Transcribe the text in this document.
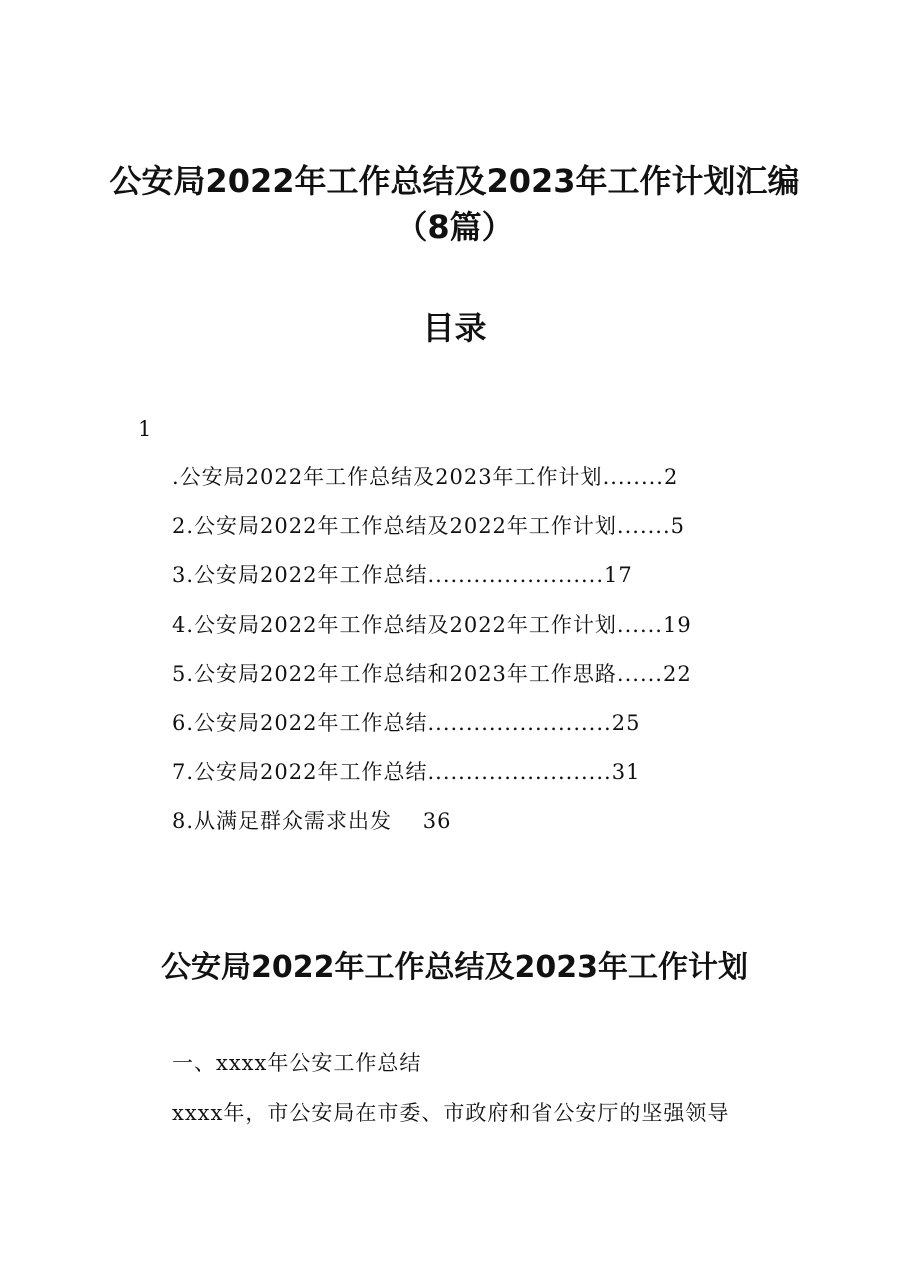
公安局2022年工作总结及2023年工作计划汇编（8篇）
目录
1
.公安局2022年工作总结及2023年工作计划........2
2.公安局2022年工作总结及2022年工作计划.......5
3.公安局2022年工作总结.......................17
4.公安局2022年工作总结及2022年工作计划......19
5.公安局2022年工作总结和2023年工作思路......22
6.公安局2022年工作总结........................25
7.公安局2022年工作总结........................31
8.从满足群众需求出发 36
公安局2022年工作总结及2023年工作计划
一、xxxx年公安工作总结

xxxx年，市公安局在市委、市政府和省公安厅的坚强领导
